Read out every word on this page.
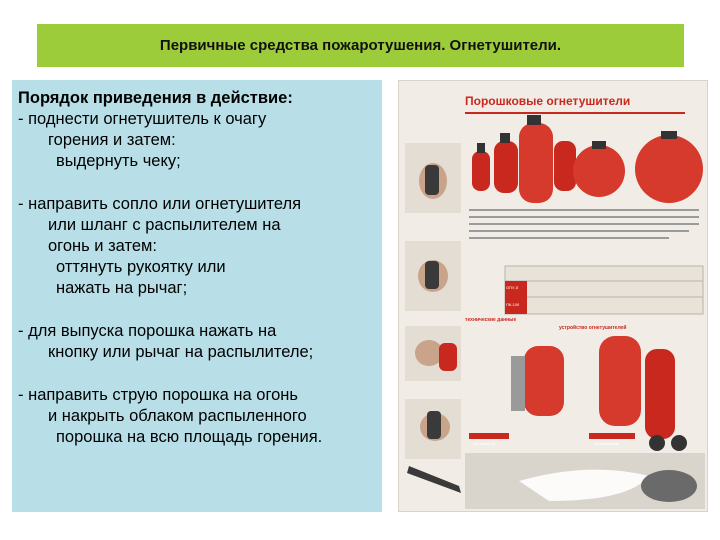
Первичные средства пожаротушения. Огнетушители.
Порядок приведения в действие:
- поднести огнетушитель к очагу
горения и затем:
выдернуть чеку;
- направить сопло или огнетушителя
или шланг с распылителем на
огонь и затем:
оттянуть рукоятку или
нажать на рычаг;
- для выпуска порошка нажать на
кнопку или рычаг на распылителе;
- направить струю порошка на огонь
и накрыть облаком распыленного
порошка на всю площадь горения.
Порошковые огнетушители
технические данные
устройство огнетушителей
ОПУ-5
ПК-100
переносной	передвижной
